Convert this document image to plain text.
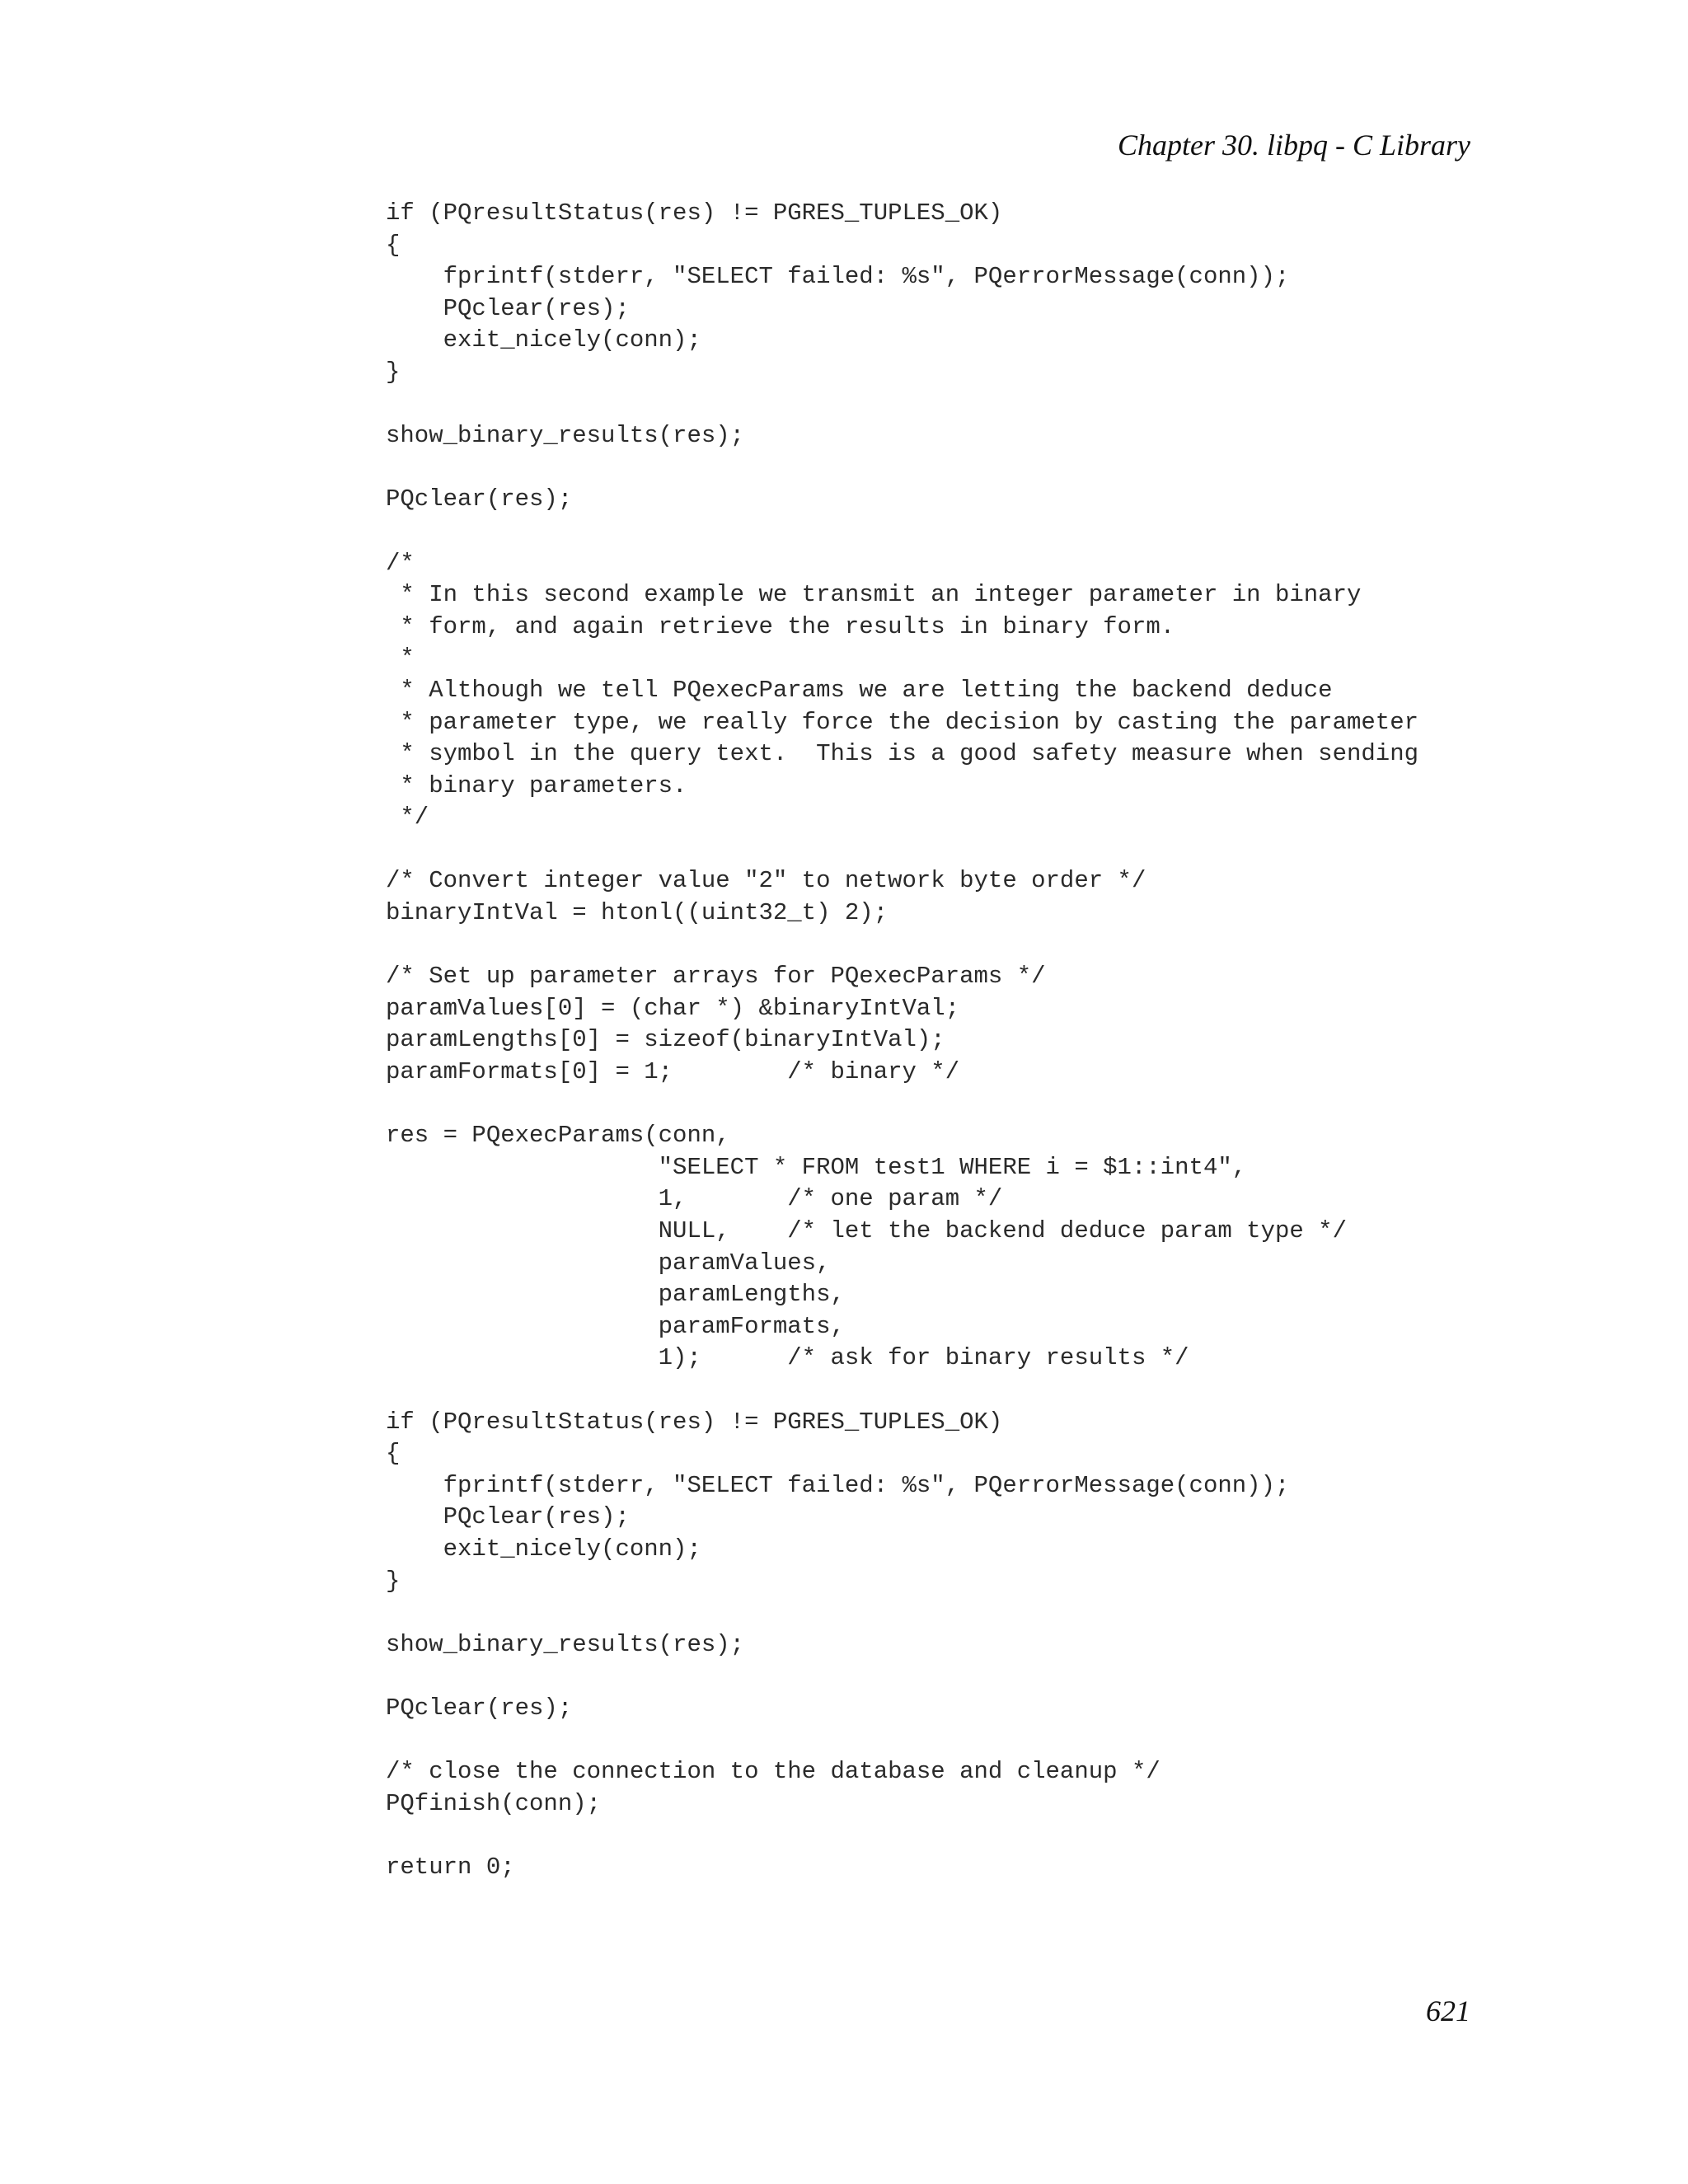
Chapter 30. libpq - C Library
if (PQresultStatus(res) != PGRES_TUPLES_OK)
{
fprintf(stderr, "SELECT failed: %s", PQerrorMessage(conn));
PQclear(res);
exit_nicely(conn);
}
show_binary_results(res);
PQclear(res);
/*
* In this second example we transmit an integer parameter in binary
* form, and again retrieve the results in binary form.
*
* Although we tell PQexecParams we are letting the backend deduce
* parameter type, we really force the decision by casting the parameter
* symbol in the query text.  This is a good safety measure when sending
* binary parameters.
*/
/* Convert integer value "2" to network byte order */
binaryIntVal = htonl((uint32_t) 2);
/* Set up parameter arrays for PQexecParams */
paramValues[0] = (char *) &binaryIntVal;
paramLengths[0] = sizeof(binaryIntVal);
paramFormats[0] = 1;        /* binary */
res = PQexecParams(conn,
"SELECT * FROM test1 WHERE i = $1::int4",
1,       /* one param */
NULL,    /* let the backend deduce param type */
paramValues,
paramLengths,
paramFormats,
1);      /* ask for binary results */
if (PQresultStatus(res) != PGRES_TUPLES_OK)
{
fprintf(stderr, "SELECT failed: %s", PQerrorMessage(conn));
PQclear(res);
exit_nicely(conn);
}
show_binary_results(res);
PQclear(res);
/* close the connection to the database and cleanup */
PQfinish(conn);
return 0;
621
